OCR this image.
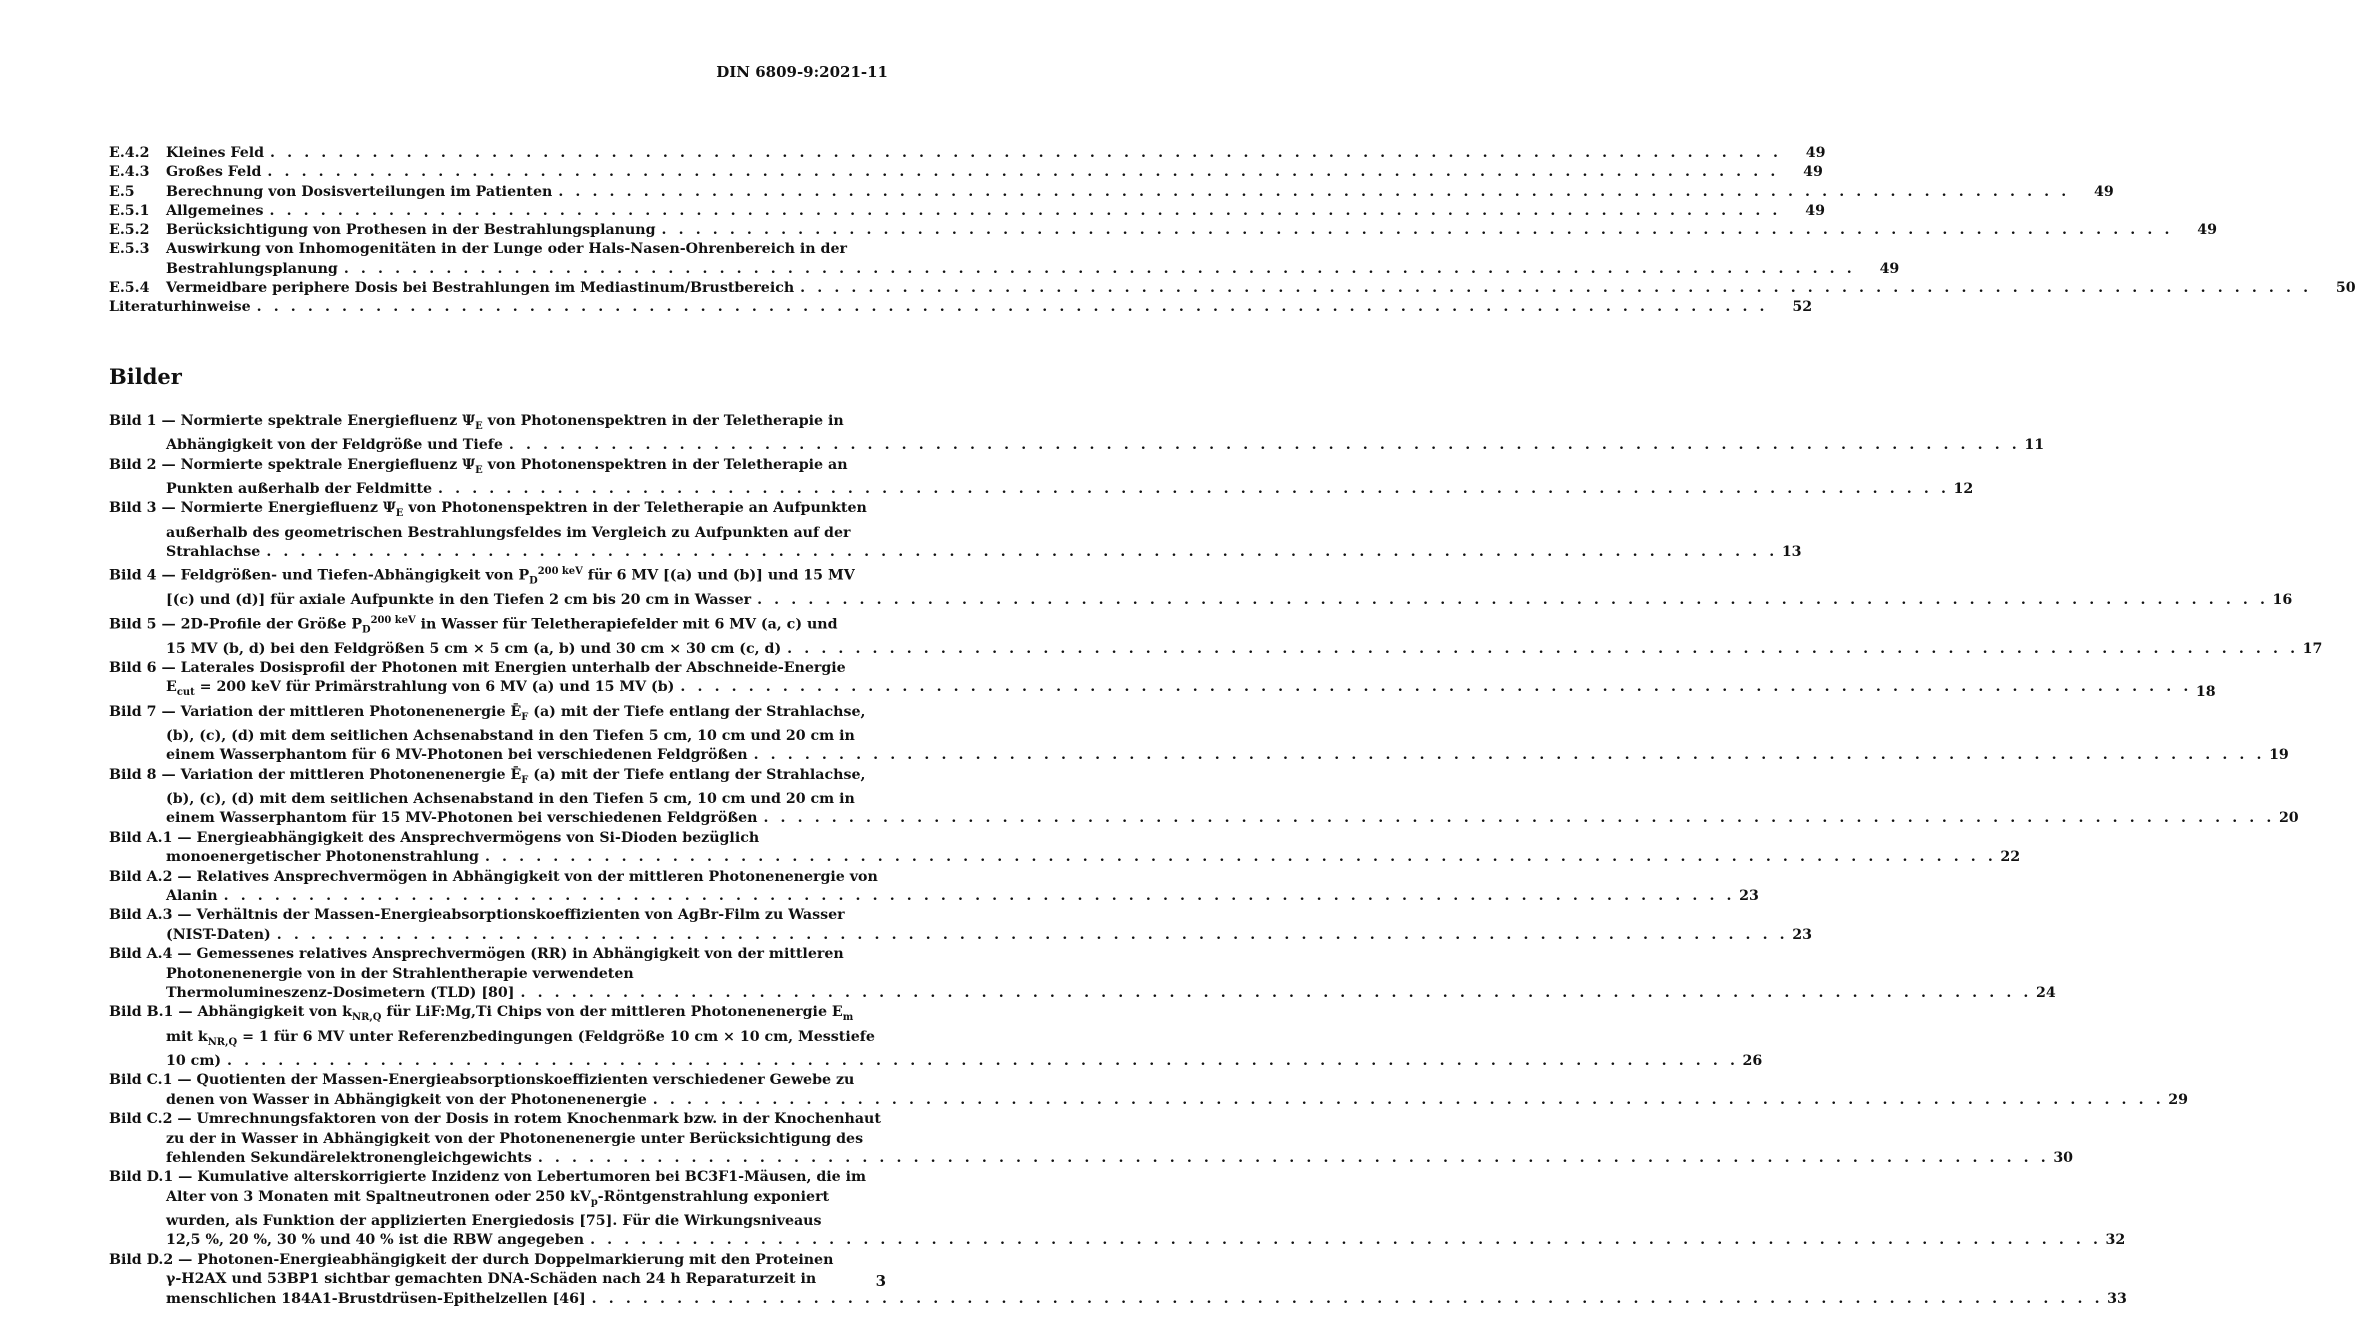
DIN 6809-9:2021-11
E.4.2	Kleines Feld . . .	49
E.4.3	Großes Feld . . .	49
E.5	Berechnung von Dosisverteilungen im Patienten . . .	49
E.5.1	Allgemeines . . .	49
E.5.2	Berücksichtigung von Prothesen in der Bestrahlungsplanung . . .	49
E.5.3	Auswirkung von Inhomogenitäten in der Lunge oder Hals-Nasen-Ohrenbereich in der
Bestrahlungsplanung . . .	49
E.5.4	Vermeidbare periphere Dosis bei Bestrahlungen im Mediastinum/Brustbereich . . .	50
Literaturhinweise . . .	52
Bilder
Bild 1 — Normierte spektrale Energiefluenz $\Psi_E$ von Photonenspektren in der Teletherapie in
Abhängigkeit von der Feldgröße und Tiefe . . .	11
Bild 2 — Normierte spektrale Energiefluenz $\Psi_E$ von Photonenspektren in der Teletherapie an
Punkten außerhalb der Feldmitte . . .	12
Bild 3 — Normierte Energiefluenz $\Psi_E$ von Photonenspektren in der Teletherapie an Aufpunkten
außerhalb des geometrischen Bestrahlungsfeldes im Vergleich zu Aufpunkten auf der
Strahlachse . . .	13
Bild 4 — Feldgrößen- und Tiefen-Abhängigkeit von $P_D^{200 keV}$ für 6 MV [(a) und (b)] und 15 MV
[(c) und (d)] für axiale Aufpunkte in den Tiefen 2 cm bis 20 cm in Wasser . . .	16
Bild 5 — 2D-Profile der Größe $P_D^{200 keV}$ in Wasser für Teletherapiefelder mit 6 MV (a, c) und
15 MV (b, d) bei den Feldgrößen 5 cm × 5 cm (a, b) und 30 cm × 30 cm (c, d) . . .	17
Bild 6 — Laterales Dosisprofil der Photonen mit Energien unterhalb der Abschneide-Energie
$E_{cut} = 200$ keV für Primärstrahlung von 6 MV (a) und 15 MV (b) . . .	18
Bild 7 — Variation der mittleren Photonenenergie $Ē_F$ (a) mit der Tiefe entlang der Strahlachse,
(b), (c), (d) mit dem seitlichen Achsenabstand in den Tiefen 5 cm, 10 cm und 20 cm in
einem Wasserphantom für 6 MV-Photonen bei verschiedenen Feldgrößen . . .	19
Bild 8 — Variation der mittleren Photonenenergie $Ē_F$ (a) mit der Tiefe entlang der Strahlachse,
(b), (c), (d) mit dem seitlichen Achsenabstand in den Tiefen 5 cm, 10 cm und 20 cm in
einem Wasserphantom für 15 MV-Photonen bei verschiedenen Feldgrößen . . .	20
Bild A.1 — Energieabhängigkeit des Ansprechvermögens von Si-Dioden bezüglich
monoenergetischer Photonenstrahlung . . .	22
Bild A.2 — Relatives Ansprechvermögen in Abhängigkeit von der mittleren Photonenenergie von
Alanin . . .	23
Bild A.3 — Verhältnis der Massen-Energieabsorptionskoeffizienten von AgBr-Film zu Wasser
(NIST-Daten) . . .	23
Bild A.4 — Gemessenes relatives Ansprechvermögen (RR) in Abhängigkeit von der mittleren
Photonenenergie von in der Strahlentherapie verwendeten
Thermolumineszenz-Dosimetern (TLD) [80] . . .	24
Bild B.1 — Abhängigkeit von $k_{NR,Q}$ für LiF:Mg,Ti Chips von der mittleren Photonenenergie $E_m$
mit $k_{NR,Q} = 1$ für 6 MV unter Referenzbedingungen (Feldgröße 10 cm × 10 cm, Messtiefe
10 cm) . . .	26
Bild C.1 — Quotienten der Massen-Energieabsorptionskoeffizienten verschiedener Gewebe zu
denen von Wasser in Abhängigkeit von der Photonenenergie . . .	29
Bild C.2 — Umrechnungsfaktoren von der Dosis in rotem Knochenmark bzw. in der Knochenhaut
zu der in Wasser in Abhängigkeit von der Photonenenergie unter Berücksichtigung des
fehlenden Sekundärelektronengleichgewichts . . .	30
Bild D.1 — Kumulative alterskorrigierte Inzidenz von Lebertumoren bei BC3F1-Mäusen, die im
Alter von 3 Monaten mit Spaltneutronen oder 250 $kV_p$-Röntgenstrahlung exponiert
wurden, als Funktion der applizierten Energiedosis [75]. Für die Wirkungsniveaus
12,5 %, 20 %, 30 % und 40 % ist die RBW angegeben . . .	32
Bild D.2 — Photonen-Energieabhängigkeit der durch Doppelmarkierung mit den Proteinen
γ-H2AX und 53BP1 sichtbar gemachten DNA-Schäden nach 24 h Reparaturzeit in
menschlichen 184A1-Brustdrüsen-Epithelzellen [46] . . .	33
3
